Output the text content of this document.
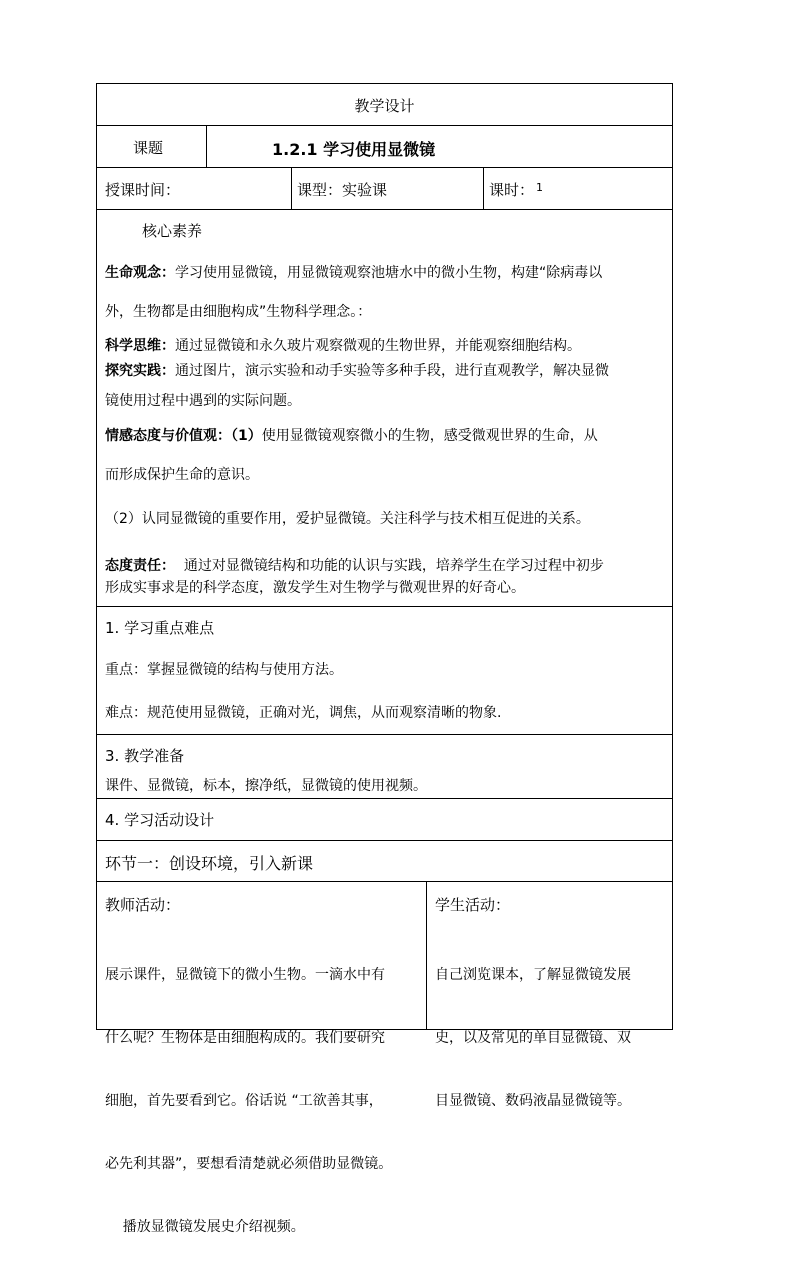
教学设计
课题	1.2.1 学习使用显微镜
授课时间：	课型： 实验课	课时： 1
核心素养
生命观念：学习使用显微镜，用显微镜观察池塘水中的微小生物，构建“除病毒以
外，生物都是由细胞构成”生物科学理念。：
科学思维：通过显微镜和永久玻片观察微观的生物世界，并能观察细胞结构。
探究实践：通过图片，演示实验和动手实验等多种手段，进行直观教学，解决显微
镜使用过程中遇到的实际问题。
情感态度与价值观：（1）使用显微镜观察微小的生物，感受微观世界的生命，从
而形成保护生命的意识。
（2）认同显微镜的重要作用，爱护显微镜。关注科学与技术相互促进的关系。
态度责任： 通过对显微镜结构和功能的认识与实践，培养学生在学习过程中初步
形成实事求是的科学态度，激发学生对生物学与微观世界的好奇心。
1. 学习重点难点
重点：掌握显微镜的结构与使用方法。
难点：规范使用显微镜，正确对光，调焦，从而观察清晰的物象.
3. 教学准备
课件、显微镜，标本，擦净纸，显微镜的使用视频。
4. 学习活动设计
环节一：创设环境，引入新课
教师活动：

展示课件，显微镜下的微小生物。一滴水中有

什么呢？生物体是由细胞构成的。我们要研究

细胞，首先要看到它。俗话说 “工欲善其事，

必先利其器”，要想看清楚就必须借助显微镜。

播放显微镜发展史介绍视频。

学生活动：

自己浏览课本，了解显微镜发展

史，以及常见的单目显微镜、双

目显微镜、数码液晶显微镜等。
